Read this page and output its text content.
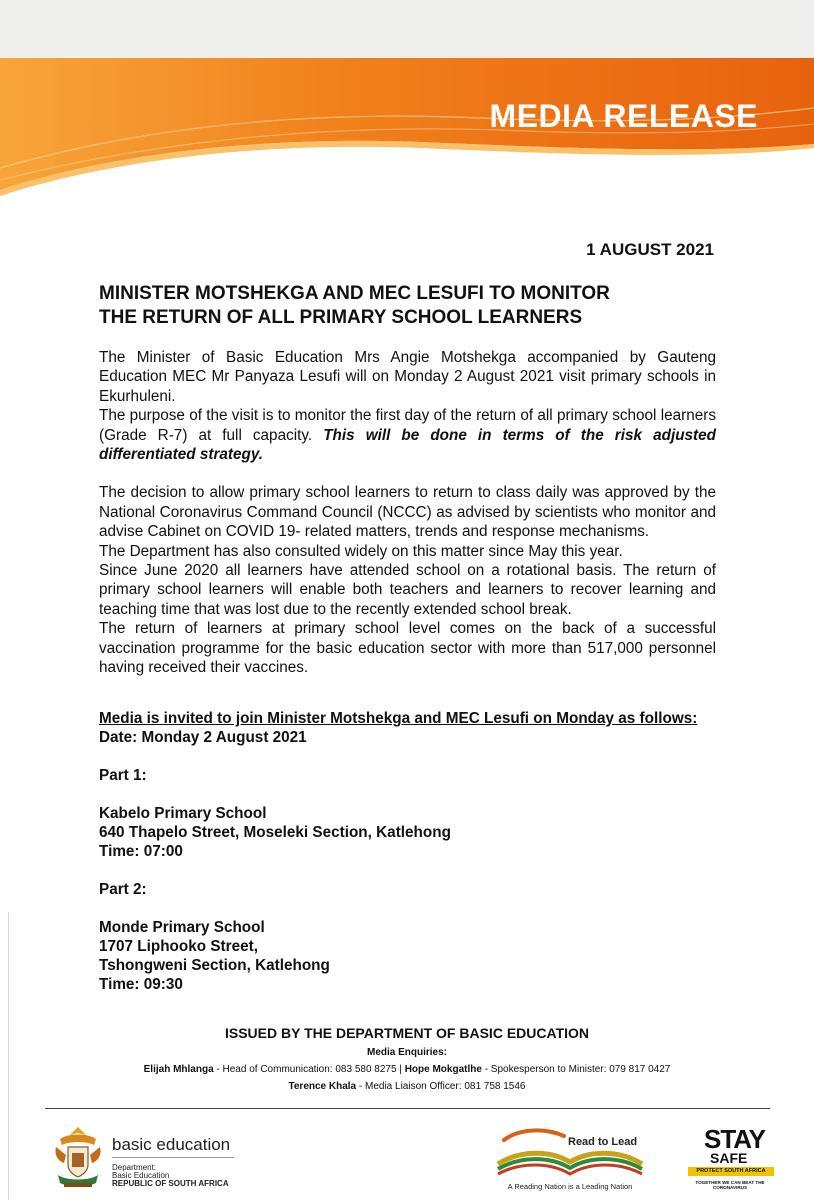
MEDIA RELEASE
1 AUGUST 2021
MINISTER MOTSHEKGA AND MEC LESUFI TO MONITOR
THE RETURN OF ALL PRIMARY SCHOOL LEARNERS

The Minister of Basic Education Mrs Angie Motshekga accompanied by Gauteng Education MEC Mr Panyaza Lesufi will on Monday 2 August 2021 visit primary schools in Ekurhuleni.

The purpose of the visit is to monitor the first day of the return of all primary school learners (Grade R-7) at full capacity. This will be done in terms of the risk adjusted differentiated strategy.

The decision to allow primary school learners to return to class daily was approved by the National Coronavirus Command Council (NCCC) as advised by scientists who monitor and advise Cabinet on COVID 19- related matters, trends and response mechanisms.

The Department has also consulted widely on this matter since May this year.

Since June 2020 all learners have attended school on a rotational basis. The return of primary school learners will enable both teachers and learners to recover learning and teaching time that was lost due to the recently extended school break.

The return of learners at primary school level comes on the back of a successful vaccination programme for the basic education sector with more than 517,000 personnel having received their vaccines.

Media is invited to join Minister Motshekga and MEC Lesufi on Monday as follows:

Date: Monday 2 August 2021

Part 1:

Kabelo Primary School

640 Thapelo Street, Moseleki Section, Katlehong

Time: 07:00

Part 2:

Monde Primary School

1707 Liphooko Street,

Tshongweni Section, Katlehong

Time: 09:30

ISSUED BY THE DEPARTMENT OF BASIC EDUCATION
Media Enquiries:
Elijah Mhlanga - Head of Communication: 083 580 8275 | Hope Mokgatlhe - Spokesperson to Minister: 079 817 0427
Terence Khala - Media Liaison Officer: 081 758 1546
basic education
Department:
Basic Education
REPUBLIC OF SOUTH AFRICA
Read to Lead
A Reading Nation is a Leading Nation
STAY
SAFE
PROTECT SOUTH AFRICA
TOGETHER WE CAN BEAT THE CORONAVIRUS
